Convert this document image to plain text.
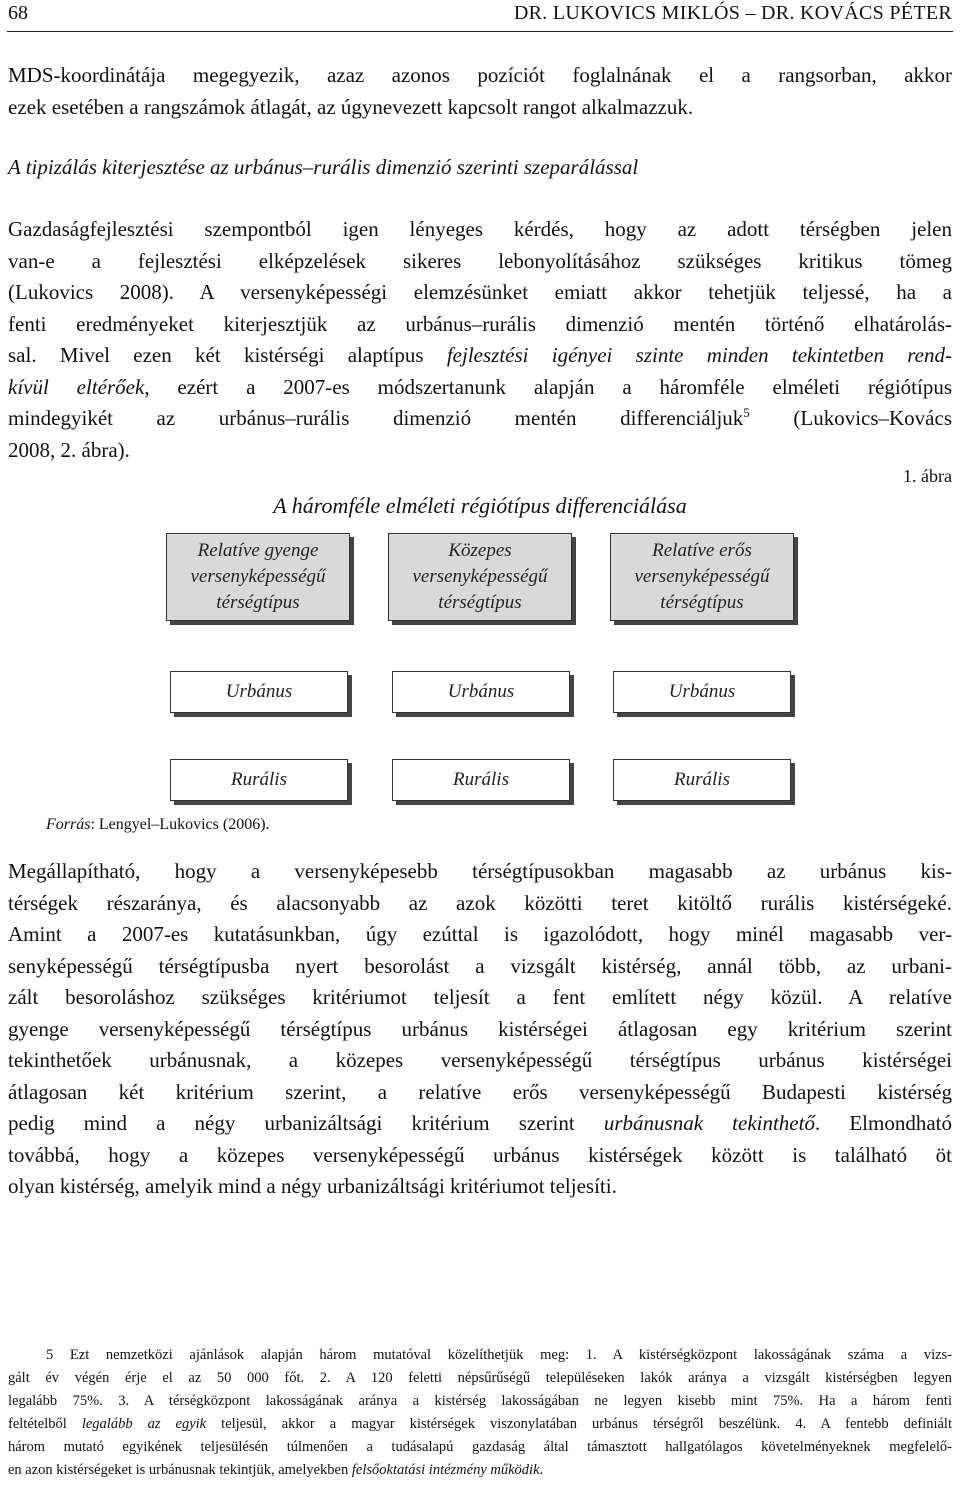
68	DR. LUKOVICS MIKLÓS – DR. KOVÁCS PÉTER
MDS-koordinátája megegyezik, azaz azonos pozíciót foglalnának el a rangsorban, akkor
ezek esetében a rangszámok átlagát, az úgynevezett kapcsolt rangot alkalmazzuk.
A tipizálás kiterjesztése az urbánus–rurális dimenzió szerinti szeparálással
Gazdaságfejlesztési szempontból igen lényeges kérdés, hogy az adott térségben jelen
van-e a fejlesztési elképzelések sikeres lebonyolításához szükséges kritikus tömeg
(Lukovics 2008). A versenyképességi elemzésünket emiatt akkor tehetjük teljessé, ha a
fenti eredményeket kiterjesztjük az urbánus–rurális dimenzió mentén történő elhatárolás-
sal. Mivel ezen két kistérségi alaptípus fejlesztési igényei szinte minden tekintetben rend-
kívül eltérőek, ezért a 2007-es módszertanunk alapján a háromféle elméleti régiótípus
mindegyikét az urbánus–rurális dimenzió mentén differenciáljuk$^5$ (Lukovics–Kovács
2008, 2. ábra).
1. ábra
A háromféle elméleti régiótípus differenciálása
Relatíve gyenge
versenyképességű
térségtípus
Közepes
versenyképességű
térségtípus
Relatíve erős
versenyképességű
térségtípus
Urbánus	Urbánus	Urbánus
Rurális	Rurális	Rurális
Forrás: Lengyel–Lukovics (2006).
Megállapítható, hogy a versenyképesebb térségtípusokban magasabb az urbánus kis-
térségek részaránya, és alacsonyabb az azok közötti teret kitöltő rurális kistérségeké.
Amint a 2007-es kutatásunkban, úgy ezúttal is igazolódott, hogy minél magasabb ver-
senyképességű térségtípusba nyert besorolást a vizsgált kistérség, annál több, az urbani-
zált besoroláshoz szükséges kritériumot teljesít a fent említett négy közül. A relatíve
gyenge versenyképességű térségtípus urbánus kistérségei átlagosan egy kritérium szerint
tekinthetőek urbánusnak, a közepes versenyképességű térségtípus urbánus kistérségei
átlagosan két kritérium szerint, a relatíve erős versenyképességű Budapesti kistérség
pedig mind a négy urbanizáltsági kritérium szerint urbánusnak tekinthető. Elmondható
továbbá, hogy a közepes versenyképességű urbánus kistérségek között is található öt
olyan kistérség, amelyik mind a négy urbanizáltsági kritériumot teljesíti.
5 Ezt nemzetközi ajánlások alapján három mutatóval közelíthetjük meg: 1. A kistérségközpont lakosságának száma a vizs-
gált év végén érje el az 50 000 főt. 2. A 120 feletti népsűrűségű településeken lakók aránya a vizsgált kistérségben legyen
legalább 75%. 3. A térségközpont lakosságának aránya a kistérség lakosságában ne legyen kisebb mint 75%. Ha a három fenti
feltételből legalább az egyik teljesül, akkor a magyar kistérségek viszonylatában urbánus térségről beszélünk. 4. A fentebb definiált
három mutató egyikének teljesülésén túlmenően a tudásalapú gazdaság által támasztott hallgatólagos követelményeknek megfelelő-
en azon kistérségeket is urbánusnak tekintjük, amelyekben felsőoktatási intézmény működik.
